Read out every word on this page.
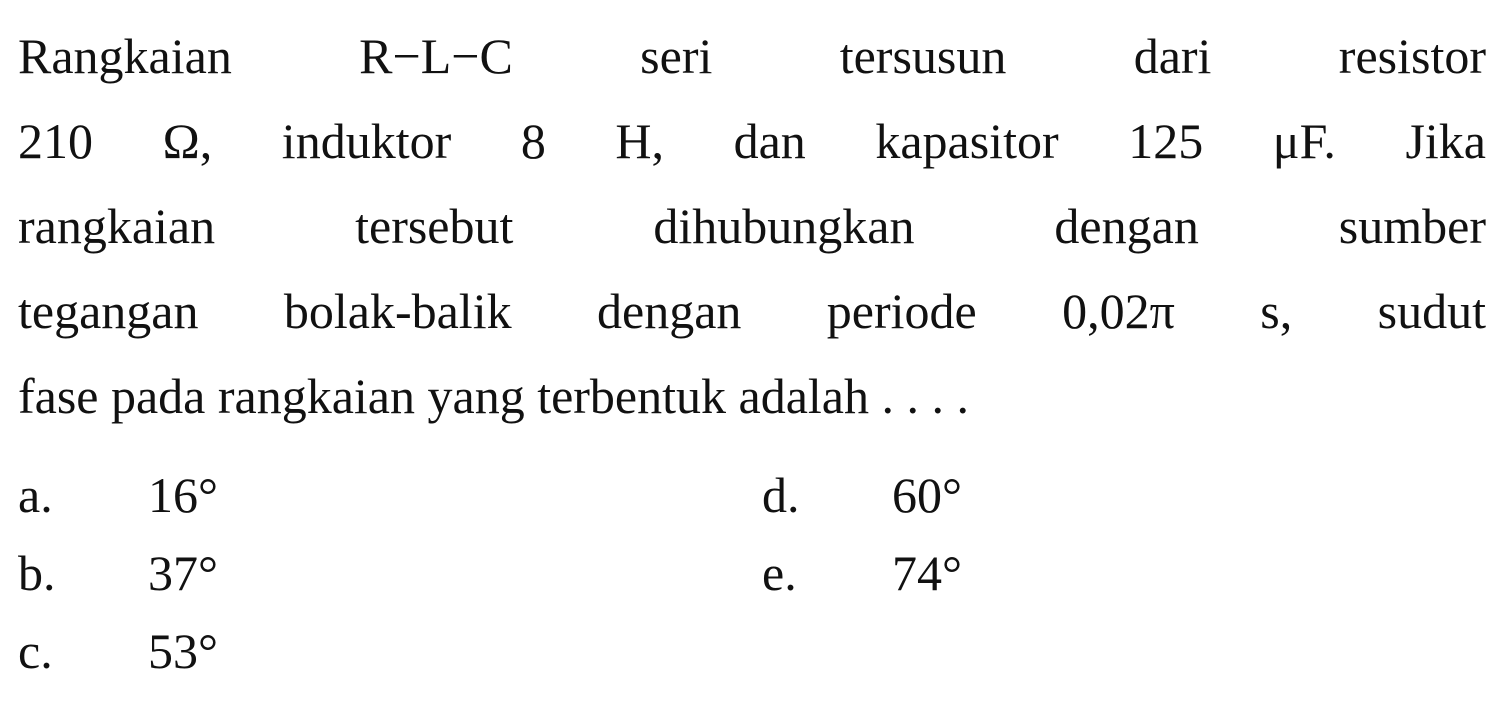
Rangkaian R−L−C seri tersusun dari resistor
210 Ω, induktor 8 H, dan kapasitor 125 μF. Jika
rangkaian tersebut dihubungkan dengan sumber
tegangan bolak-balik dengan periode 0,02π s, sudut
fase pada rangkaian yang terbentuk adalah . . . .
a. 16°
b. 37°
c. 53°
d. 60°
e. 74°
